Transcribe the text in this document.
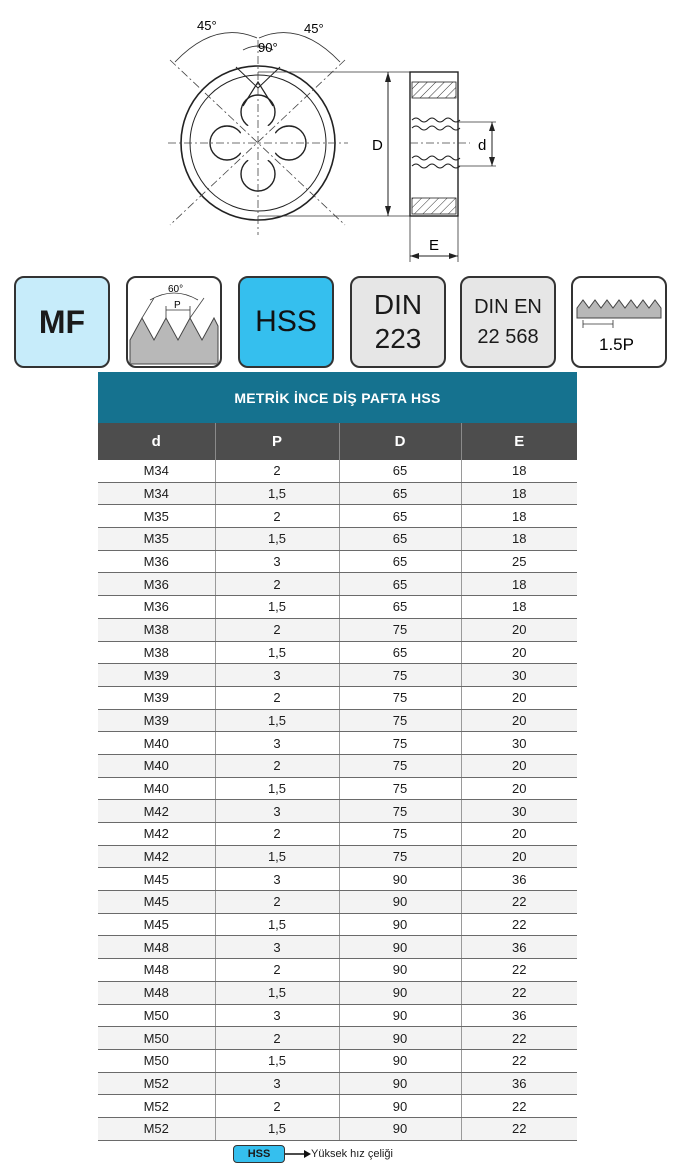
45°	45°
90°
D	d
E
MF
60°
P HSS
DIN
223
DIN EN
22 568	1.5P
METRİK İNCE DİŞ PAFTA HSS
d	P	D	E
M34	2	65	18
M34	1,5	65	18
M35	2	65	18
M35	1,5	65	18
M36	3	65	25
M36	2	65	18
M36	1,5	65	18
M38	2	75	20
M38	1,5	65	20
M39	3	75	30
M39	2	75	20
M39	1,5	75	20
M40	3	75	30
M40	2	75	20
M40	1,5	75	20
M42	3	75	30
M42	2	75	20
M42	1,5	75	20
M45	3	90	36
M45	2	90	22
M45	1,5	90	22
M48	3	90	36
M48	2	90	22
M48	1,5	90	22
M50	3	90	36
M50	2	90	22
M50	1,5	90	22
M52	3	90	36
M52	2	90	22
M52	1,5	90	22
HSS	Yüksek hız çeliği
